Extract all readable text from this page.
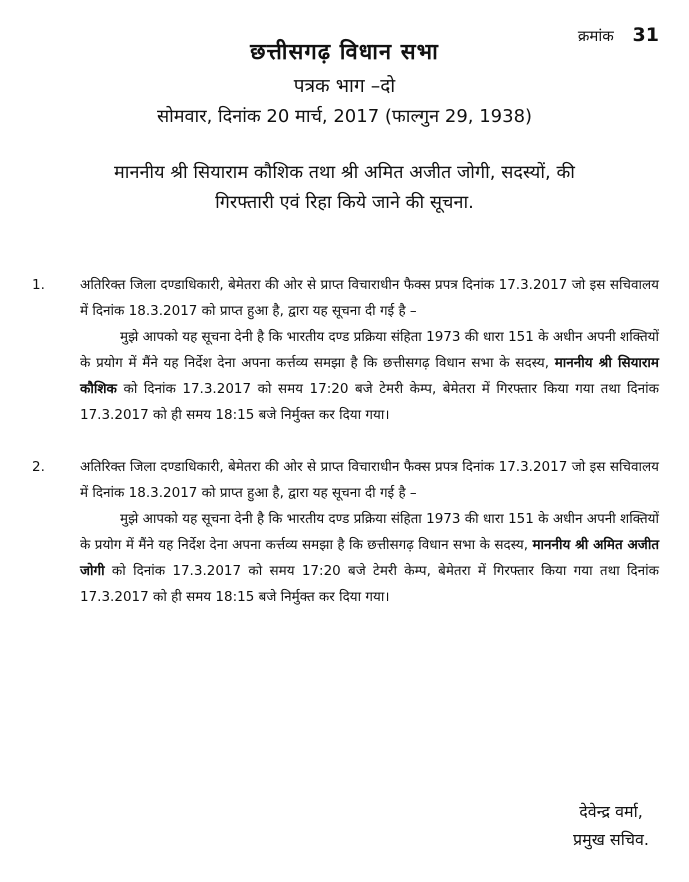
क्रमांक 31
छत्तीसगढ़ विधान सभा
पत्रक भाग –दो
सोमवार, दिनांक 20 मार्च, 2017 (फाल्गुन 29, 1938)
माननीय श्री सियाराम कौशिक तथा श्री अमित अजीत जोगी, सदस्यों, की
गिरफ्तारी एवं रिहा किये जाने की सूचना.
1.	अतिरिक्त जिला दण्डाधिकारी, बेमेतरा की ओर से प्राप्त विचाराधीन फैक्स प्रपत्र दिनांक 17.3.2017 जो इस सचिवालय में दिनांक 18.3.2017 को प्राप्त हुआ है, द्वारा यह सूचना दी गई है –

मुझे आपको यह सूचना देनी है कि भारतीय दण्ड प्रक्रिया संहिता 1973 की धारा 151 के अधीन अपनी शक्तियों के प्रयोग में मैंने यह निर्देश देना अपना कर्त्तव्य समझा है कि छत्तीसगढ़ विधान सभा के सदस्य, माननीय श्री सियाराम कौशिक को दिनांक 17.3.2017 को समय 17:20 बजे टेमरी केम्प, बेमेतरा में गिरफ्तार किया गया तथा दिनांक 17.3.2017 को ही समय 18:15 बजे निर्मुक्त कर दिया गया।

2.	अतिरिक्त जिला दण्डाधिकारी, बेमेतरा की ओर से प्राप्त विचाराधीन फैक्स प्रपत्र दिनांक 17.3.2017 जो इस सचिवालय में दिनांक 18.3.2017 को प्राप्त हुआ है, द्वारा यह सूचना दी गई है –

मुझे आपको यह सूचना देनी है कि भारतीय दण्ड प्रक्रिया संहिता 1973 की धारा 151 के अधीन अपनी शक्तियों के प्रयोग में मैंने यह निर्देश देना अपना कर्त्तव्य समझा है कि छत्तीसगढ़ विधान सभा के सदस्य, माननीय श्री अमित अजीत जोगी को दिनांक 17.3.2017 को समय 17:20 बजे टेमरी केम्प, बेमेतरा में गिरफ्तार किया गया तथा दिनांक 17.3.2017 को ही समय 18:15 बजे निर्मुक्त कर दिया गया।

देवेन्द्र वर्मा,
प्रमुख सचिव.
